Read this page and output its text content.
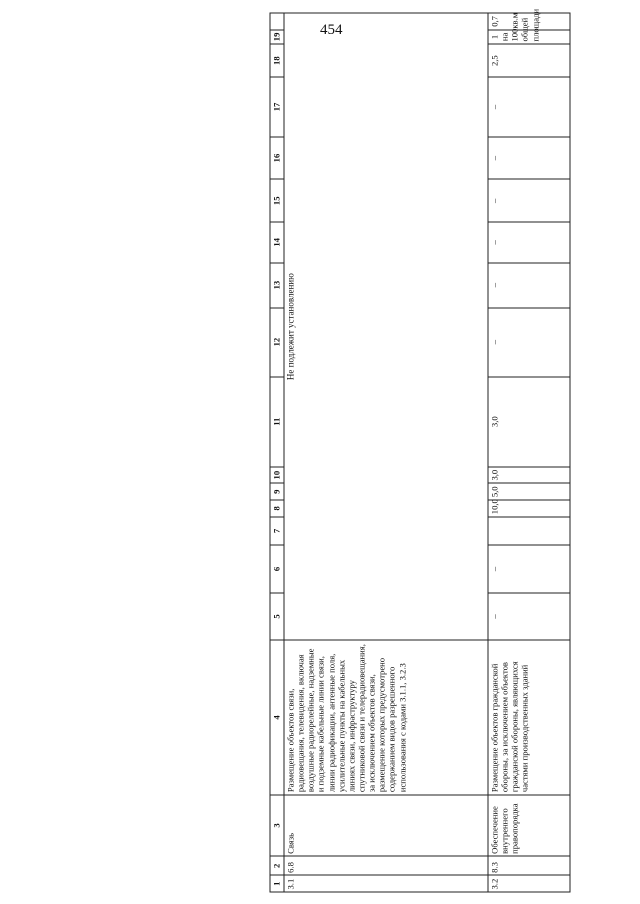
454
1	2	3	4	5	6	7	8	9	10	11	12	13	14	15	16	17	18	19	
3.1	6.8	Связь	Размещение объектов связи, радиовещания, телевидения, включая воздушные радиорелейные, надземные и подземные кабельные линии связи, линии радиофикации, антенные поля, усилительные пункты на кабельных линиях связи, инфраструктуру спутниковой связи и телерадиовещания, за исключением объектов связи, размещение которых предусмотрено содержанием видов разрешенного использования с кодами 3.1.1, 3.2.3	Не подлежит установлению															
3.2	8.3	Обеспечение внутреннего правопорядка	Размещение объектов гражданской обороны, за исключением объектов гражданской обороны, являющихся частями производственных зданий	–	–		10,0	5,0	3,0	3,0	–	–	–	–	–	–	2,5	1 на 100кв.м общей площади	0,7
